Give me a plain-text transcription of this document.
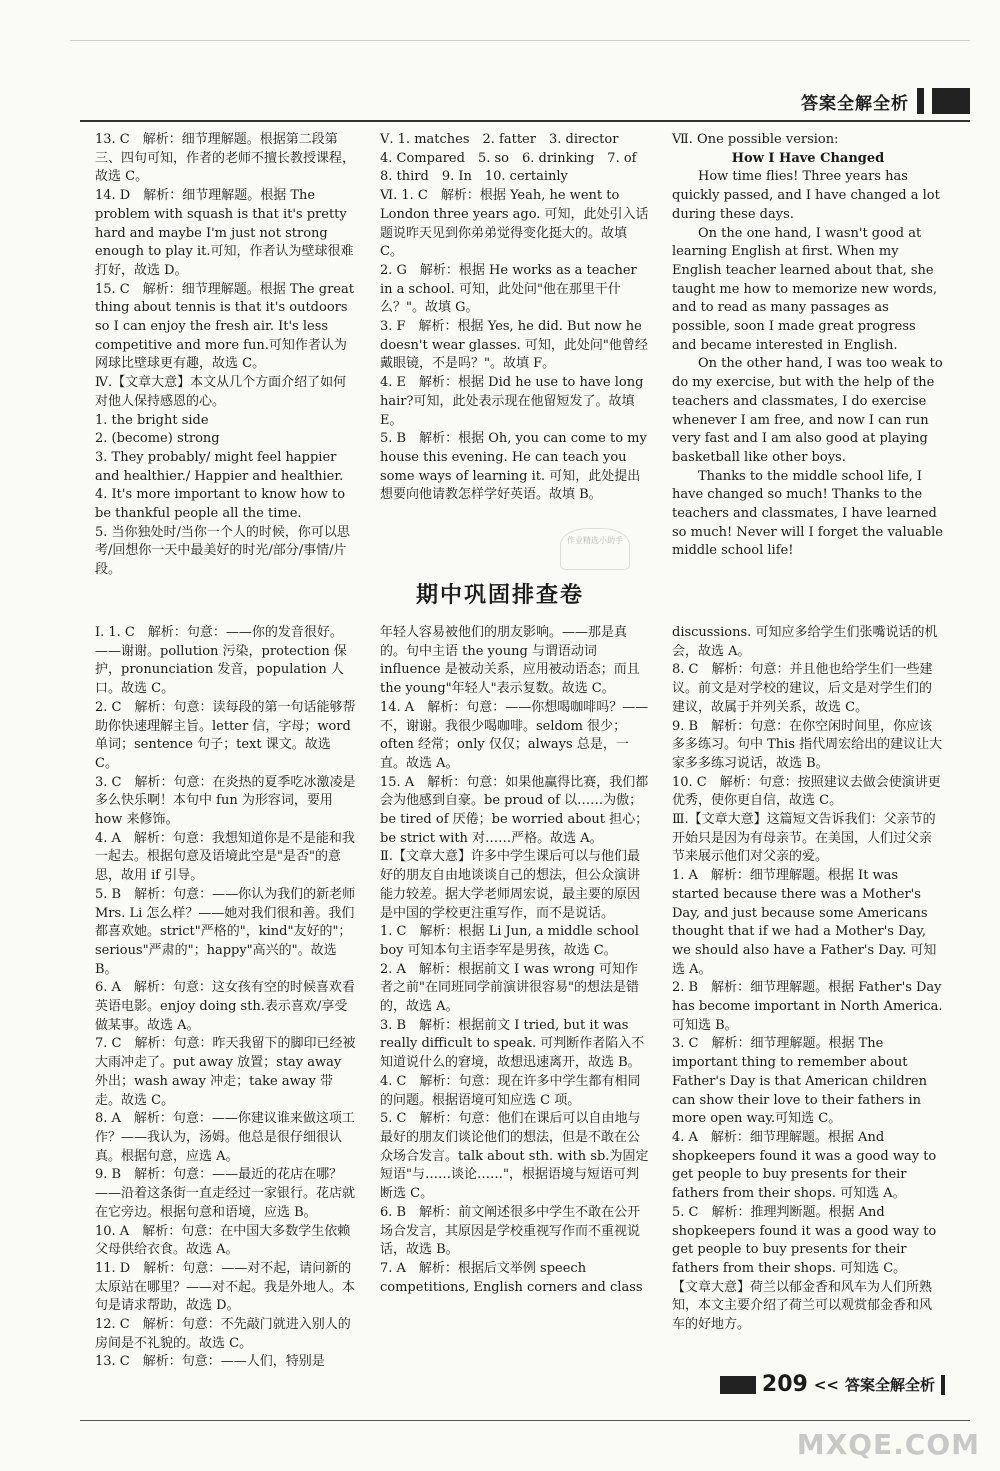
答案全解全析

13. C　解析：细节理解题。根据第二段第三、四句可知，作者的老师不擅长教授课程，故选 C。

14. D　解析：细节理解题。根据 The problem with squash is that it's pretty hard and maybe I'm just not strong enough to play it.可知，作者认为壁球很难打好，故选 D。

15. C　解析：细节理解题。根据 The great thing about tennis is that it's outdoors so I can enjoy the fresh air. It's less competitive and more fun.可知作者认为网球比壁球更有趣，故选 C。

Ⅳ.【文章大意】本文从几个方面介绍了如何对他人保持感恩的心。

1. the bright side

2. (become) strong

3. They probably/ might feel happier and healthier./ Happier and healthier.

4. It's more important to know how to be thankful people all the time.

5. 当你独处时/当你一个人的时候，你可以思考/回想你一天中最美好的时光/部分/事情/片段。

Ⅴ. 1. matches　2. fatter　3. director

4. Compared　5. so　6. drinking　7. of

8. third　9. In　10. certainly

Ⅵ. 1. C　解析：根据 Yeah, he went to London three years ago. 可知，此处引入话题说昨天见到你弟弟觉得变化挺大的。故填 C。

2. G　解析：根据 He works as a teacher in a school. 可知，此处问"他在那里干什么？"。故填 G。

3. F　解析：根据 Yes, he did. But now he doesn't wear glasses. 可知，此处问"他曾经戴眼镜，不是吗？"。故填 F。

4. E　解析：根据 Did he use to have long hair?可知，此处表示现在他留短发了。故填 E。

5. B　解析：根据 Oh, you can come to my house this evening. He can teach you some ways of learning it. 可知，此处提出想要向他请教怎样学好英语。故填 B。

Ⅶ. One possible version:

How I Have Changed

How time flies! Three years has quickly passed, and I have changed a lot during these days.

On the one hand, I wasn't good at learning English at first. When my English teacher learned about that, she taught me how to memorize new words, and to read as many passages as possible, soon I made great progress and became interested in English.

On the other hand, I was too weak to do my exercise, but with the help of the teachers and classmates, I do exercise whenever I am free, and now I can run very fast and I am also good at playing basketball like other boys.

Thanks to the middle school life, I have changed so much! Thanks to the teachers and classmates, I have learned so much! Never will I forget the valuable middle school life!

作业精选小助手
期中巩固排查卷

Ⅰ. 1. C　解析：句意：——你的发音很好。——谢谢。pollution 污染，protection 保护，pronunciation 发音，population 人口。故选 C。

2. C　解析：句意：读每段的第一句话能够帮助你快速理解主旨。letter 信，字母；word 单词；sentence 句子；text 课文。故选 C。

3. C　解析：句意：在炎热的夏季吃冰激凌是多么快乐啊！本句中 fun 为形容词，要用 how 来修饰。

4. A　解析：句意：我想知道你是不是能和我一起去。根据句意及语境此空是"是否"的意思，故用 if 引导。

5. B　解析：句意：——你认为我们的新老师 Mrs. Li 怎么样？——她对我们很和善。我们都喜欢她。strict"严格的"，kind"友好的"；serious"严肃的"；happy"高兴的"。故选 B。

6. A　解析：句意：这女孩有空的时候喜欢看英语电影。enjoy doing sth.表示喜欢/享受做某事。故选 A。

7. C　解析：句意：昨天我留下的脚印已经被大雨冲走了。put away 放置；stay away 外出；wash away 冲走；take away 带走。故选 C。

8. A　解析：句意：——你建议谁来做这项工作？——我认为，汤姆。他总是很仔细很认真。根据句意，应选 A。

9. B　解析：句意：——最近的花店在哪？——沿着这条街一直走经过一家银行。花店就在它旁边。根据句意和语境，应选 B。

10. A　解析：句意：在中国大多数学生依赖父母供给衣食。故选 A。

11. D　解析：句意：——对不起，请问新的太原站在哪里？——对不起。我是外地人。本句是请求帮助，故选 D。

12. C　解析：句意：不先敲门就进入别人的房间是不礼貌的。故选 C。

13. C　解析：句意：——人们，特别是

年轻人容易被他们的朋友影响。——那是真的。句中主语 the young 与谓语动词 influence 是被动关系，应用被动语态；而且 the young"年轻人"表示复数。故选 C。

14. A　解析：句意：——你想喝咖啡吗？——不，谢谢。我很少喝咖啡。seldom 很少；often 经常；only 仅仅；always 总是，一直。故选 A。

15. A　解析：句意：如果他赢得比赛，我们都会为他感到自豪。be proud of 以……为傲；be tired of 厌倦；be worried about 担心；be strict with 对……严格。故选 A。

Ⅱ.【文章大意】许多中学生课后可以与他们最好的朋友自由地谈谈自己的想法，但公众演讲能力较差。据大学老师周宏说，最主要的原因是中国的学校更注重写作，而不是说话。

1. C　解析：根据 Li Jun, a middle school boy 可知本句主语李军是男孩，故选 C。

2. A　解析：根据前文 I was wrong 可知作者之前"在同班同学前演讲很容易"的想法是错的，故选 A。

3. B　解析：根据前文 I tried, but it was really difficult to speak. 可判断作者陷入不知道说什么的窘境，故想迅速离开，故选 B。

4. C　解析：句意：现在许多中学生都有相同的问题。根据语境可知应选 C 项。

5. C　解析：句意：他们在课后可以自由地与最好的朋友们谈论他们的想法，但是不敢在公众场合发言。talk about sth. with sb.为固定短语"与……谈论……"，根据语境与短语可判断选 C。

6. B　解析：前文阐述很多中学生不敢在公开场合发言，其原因是学校重视写作而不重视说话，故选 B。

7. A　解析：根据后文举例 speech competitions, English corners and class

discussions. 可知应多给学生们张嘴说话的机会，故选 A。

8. C　解析：句意：并且他也给学生们一些建议。前文是对学校的建议，后文是对学生们的建议，故属于并列关系，故选 C。

9. B　解析：句意：在你空闲时间里，你应该多多练习。句中 This 指代周宏给出的建议让大家多多练习说话，故选 B。

10. C　解析：句意：按照建议去做会使演讲更优秀，使你更自信，故选 C。

Ⅲ.【文章大意】这篇短文告诉我们：父亲节的开始只是因为有母亲节。在美国，人们过父亲节来展示他们对父亲的爱。

1. A　解析：细节理解题。根据 It was started because there was a Mother's Day, and just because some Americans thought that if we had a Mother's Day, we should also have a Father's Day. 可知选 A。

2. B　解析：细节理解题。根据 Father's Day has become important in North America.可知选 B。

3. C　解析：细节理解题。根据 The important thing to remember about Father's Day is that American children can show their love to their fathers in more open way.可知选 C。

4. A　解析：细节理解题。根据 And shopkeepers found it was a good way to get people to buy presents for their fathers from their shops. 可知选 A。

5. C　解析：推理判断题。根据 And shopkeepers found it was a good way to get people to buy presents for their fathers from their shops. 可知选 C。

【文章大意】荷兰以郁金香和风车为人们所熟知，本文主要介绍了荷兰可以观赏郁金香和风车的好地方。

209 << 答案全解全析
MXQE.COM
